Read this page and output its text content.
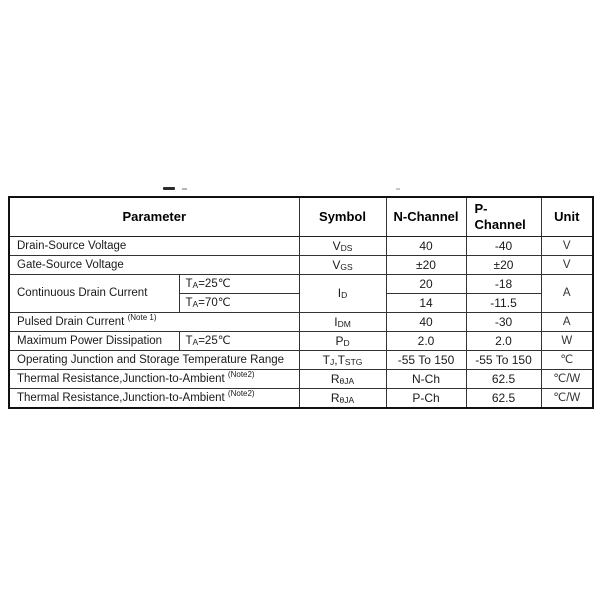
Parameter		Symbol	N-Channel	P-Channel	Unit
Drain-Source Voltage		$V_{DS}$	40	-40	V
Gate-Source Voltage		$V_{GS}$	±20	±20	V
Continuous Drain Current	$T_A=25℃$	$I_D$	20	-18	A
	$T_A=70℃$		14	-11.5	
Pulsed Drain Current $^{(Note 1)}$		$I_{DM}$	40	-30	A
Maximum Power Dissipation	$T_A=25℃$	$P_D$	2.0	2.0	W
Operating Junction and Storage Temperature Range		$T_J,T_{STG}$	-55 To 150	-55 To 150	℃
Thermal Resistance,Junction-to-Ambient $^{(Note2)}$		$R_{\theta JA}$	N-Ch	62.5	℃/W
Thermal Resistance,Junction-to-Ambient $^{(Note2)}$		$R_{\theta JA}$	P-Ch	62.5	℃/W
